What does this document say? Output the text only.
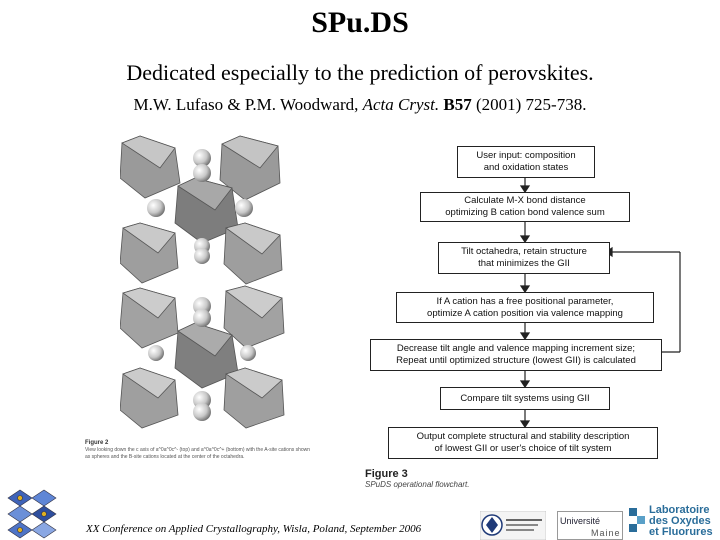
SPu.DS
Dedicated especially to the prediction of perovskites.
M.W. Lufaso & P.M. Woodward, Acta Cryst. B57 (2001) 725-738.
Figure 2
View looking down the c axis of a^0a^0c^- (top) and a^0a^0c^+ (bottom) with the A-site cations shown as spheres and the B-site cations located at the center of the octahedra.
User input: composition
and oxidation states
Calculate M-X bond distance
optimizing B cation bond valence sum
Tilt octahedra, retain structure
that minimizes the GII
If A cation has a free positional parameter,
optimize A cation position via valence mapping
Decrease tilt angle and valence mapping increment size;
Repeat until optimized structure (lowest GII) is calculated
Compare tilt systems using GII
Output complete structural and stability description
of lowest GII or user's choice of tilt system
Figure 3
SPuDS operational flowchart.
XX Conference on Applied Crystallography, Wisla, Poland, September 2006
Université
Maine
Laboratoire
des Oxydes
et Fluorures
